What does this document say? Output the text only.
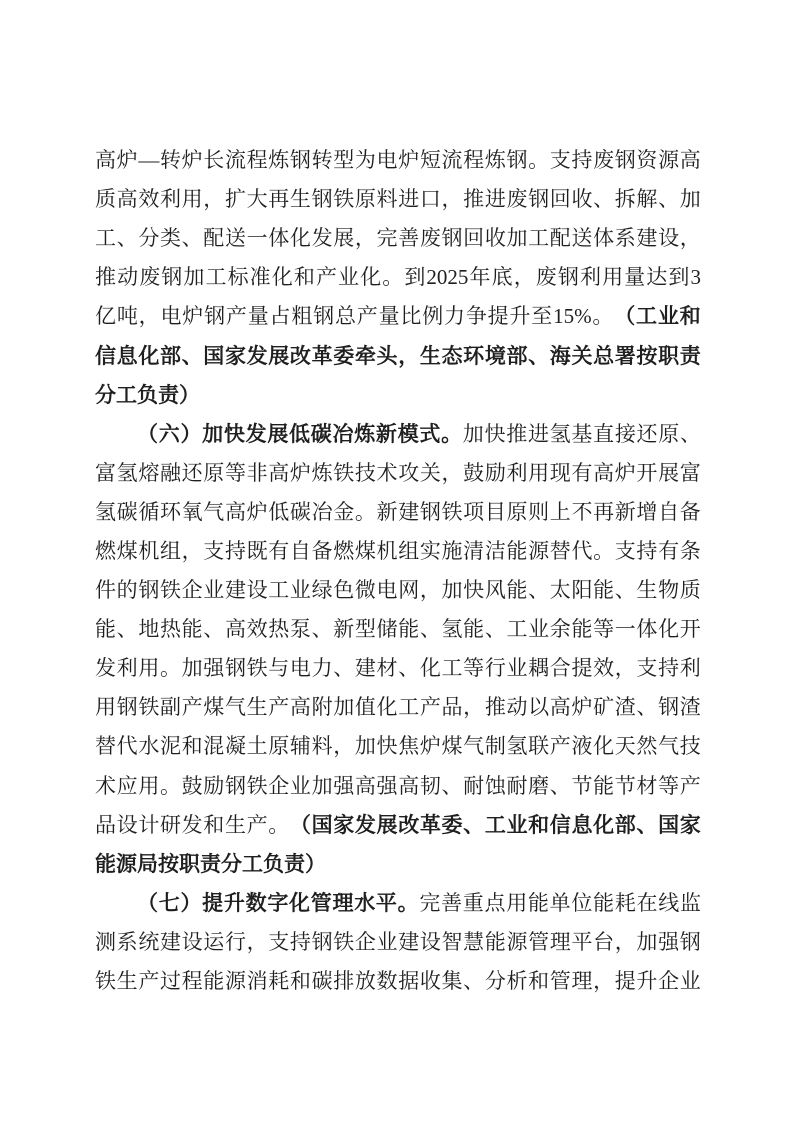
高 炉 — 转 炉 长 流 程 炼 钢 转 型 为 电 炉 短 流 程 炼 钢 。 支 持 废 钢 资 源 高
质 高 效 利 用 ， 扩 大 再 生 钢 铁 原 料 进 口 ， 推 进 废 钢 回 收 、 拆 解 、 加
工 、 分 类 、 配 送 一 体 化 发 展 ， 完 善 废 钢 回 收 加 工 配 送 体 系 建 设 ，
推 动 废 钢 加 工 标 准 化 和 产 业 化 。 到 2025 年 底 ， 废 钢 利 用 量 达 到 3
亿 吨 ， 电 炉 钢 产 量 占 粗 钢 总 产 量 比 例 力 争 提 升 至 15% 。 （ 工 业 和
信 息 化 部 、 国 家 发 展 改 革 委 牵 头 ， 生 态 环 境 部 、 海 关 总 署 按 职 责
分 工 负 责 ）
（ 六 ） 加 快 发 展 低 碳 冶 炼 新 模 式 。 加 快 推 进 氢 基 直 接 还 原 、
富 氢 熔 融 还 原 等 非 高 炉 炼 铁 技 术 攻 关 ， 鼓 励 利 用 现 有 高 炉 开 展 富
氢 碳 循 环 氧 气 高 炉 低 碳 冶 金 。 新 建 钢 铁 项 目 原 则 上 不 再 新 增 自 备
燃 煤 机 组 ， 支 持 既 有 自 备 燃 煤 机 组 实 施 清 洁 能 源 替 代 。 支 持 有 条
件 的 钢 铁 企 业 建 设 工 业 绿 色 微 电 网 ， 加 快 风 能 、 太 阳 能 、 生 物 质
能 、 地 热 能 、 高 效 热 泵 、 新 型 储 能 、 氢 能 、 工 业 余 能 等 一 体 化 开
发 利 用 。 加 强 钢 铁 与 电 力 、 建 材 、 化 工 等 行 业 耦 合 提 效 ， 支 持 利
用 钢 铁 副 产 煤 气 生 产 高 附 加 值 化 工 产 品 ， 推 动 以 高 炉 矿 渣 、 钢 渣
替 代 水 泥 和 混 凝 土 原 辅 料 ， 加 快 焦 炉 煤 气 制 氢 联 产 液 化 天 然 气 技
术 应 用 。 鼓 励 钢 铁 企 业 加 强 高 强 高 韧 、 耐 蚀 耐 磨 、 节 能 节 材 等 产
品 设 计 研 发 和 生 产 。 （ 国 家 发 展 改 革 委 、 工 业 和 信 息 化 部 、 国 家
能 源 局 按 职 责 分 工 负 责 ）
（ 七 ） 提 升 数 字 化 管 理 水 平 。 完 善 重 点 用 能 单 位 能 耗 在 线 监
测 系 统 建 设 运 行 ， 支 持 钢 铁 企 业 建 设 智 慧 能 源 管 理 平 台 ， 加 强 钢
铁 生 产 过 程 能 源 消 耗 和 碳 排 放 数 据 收 集 、 分 析 和 管 理 ， 提 升 企 业
